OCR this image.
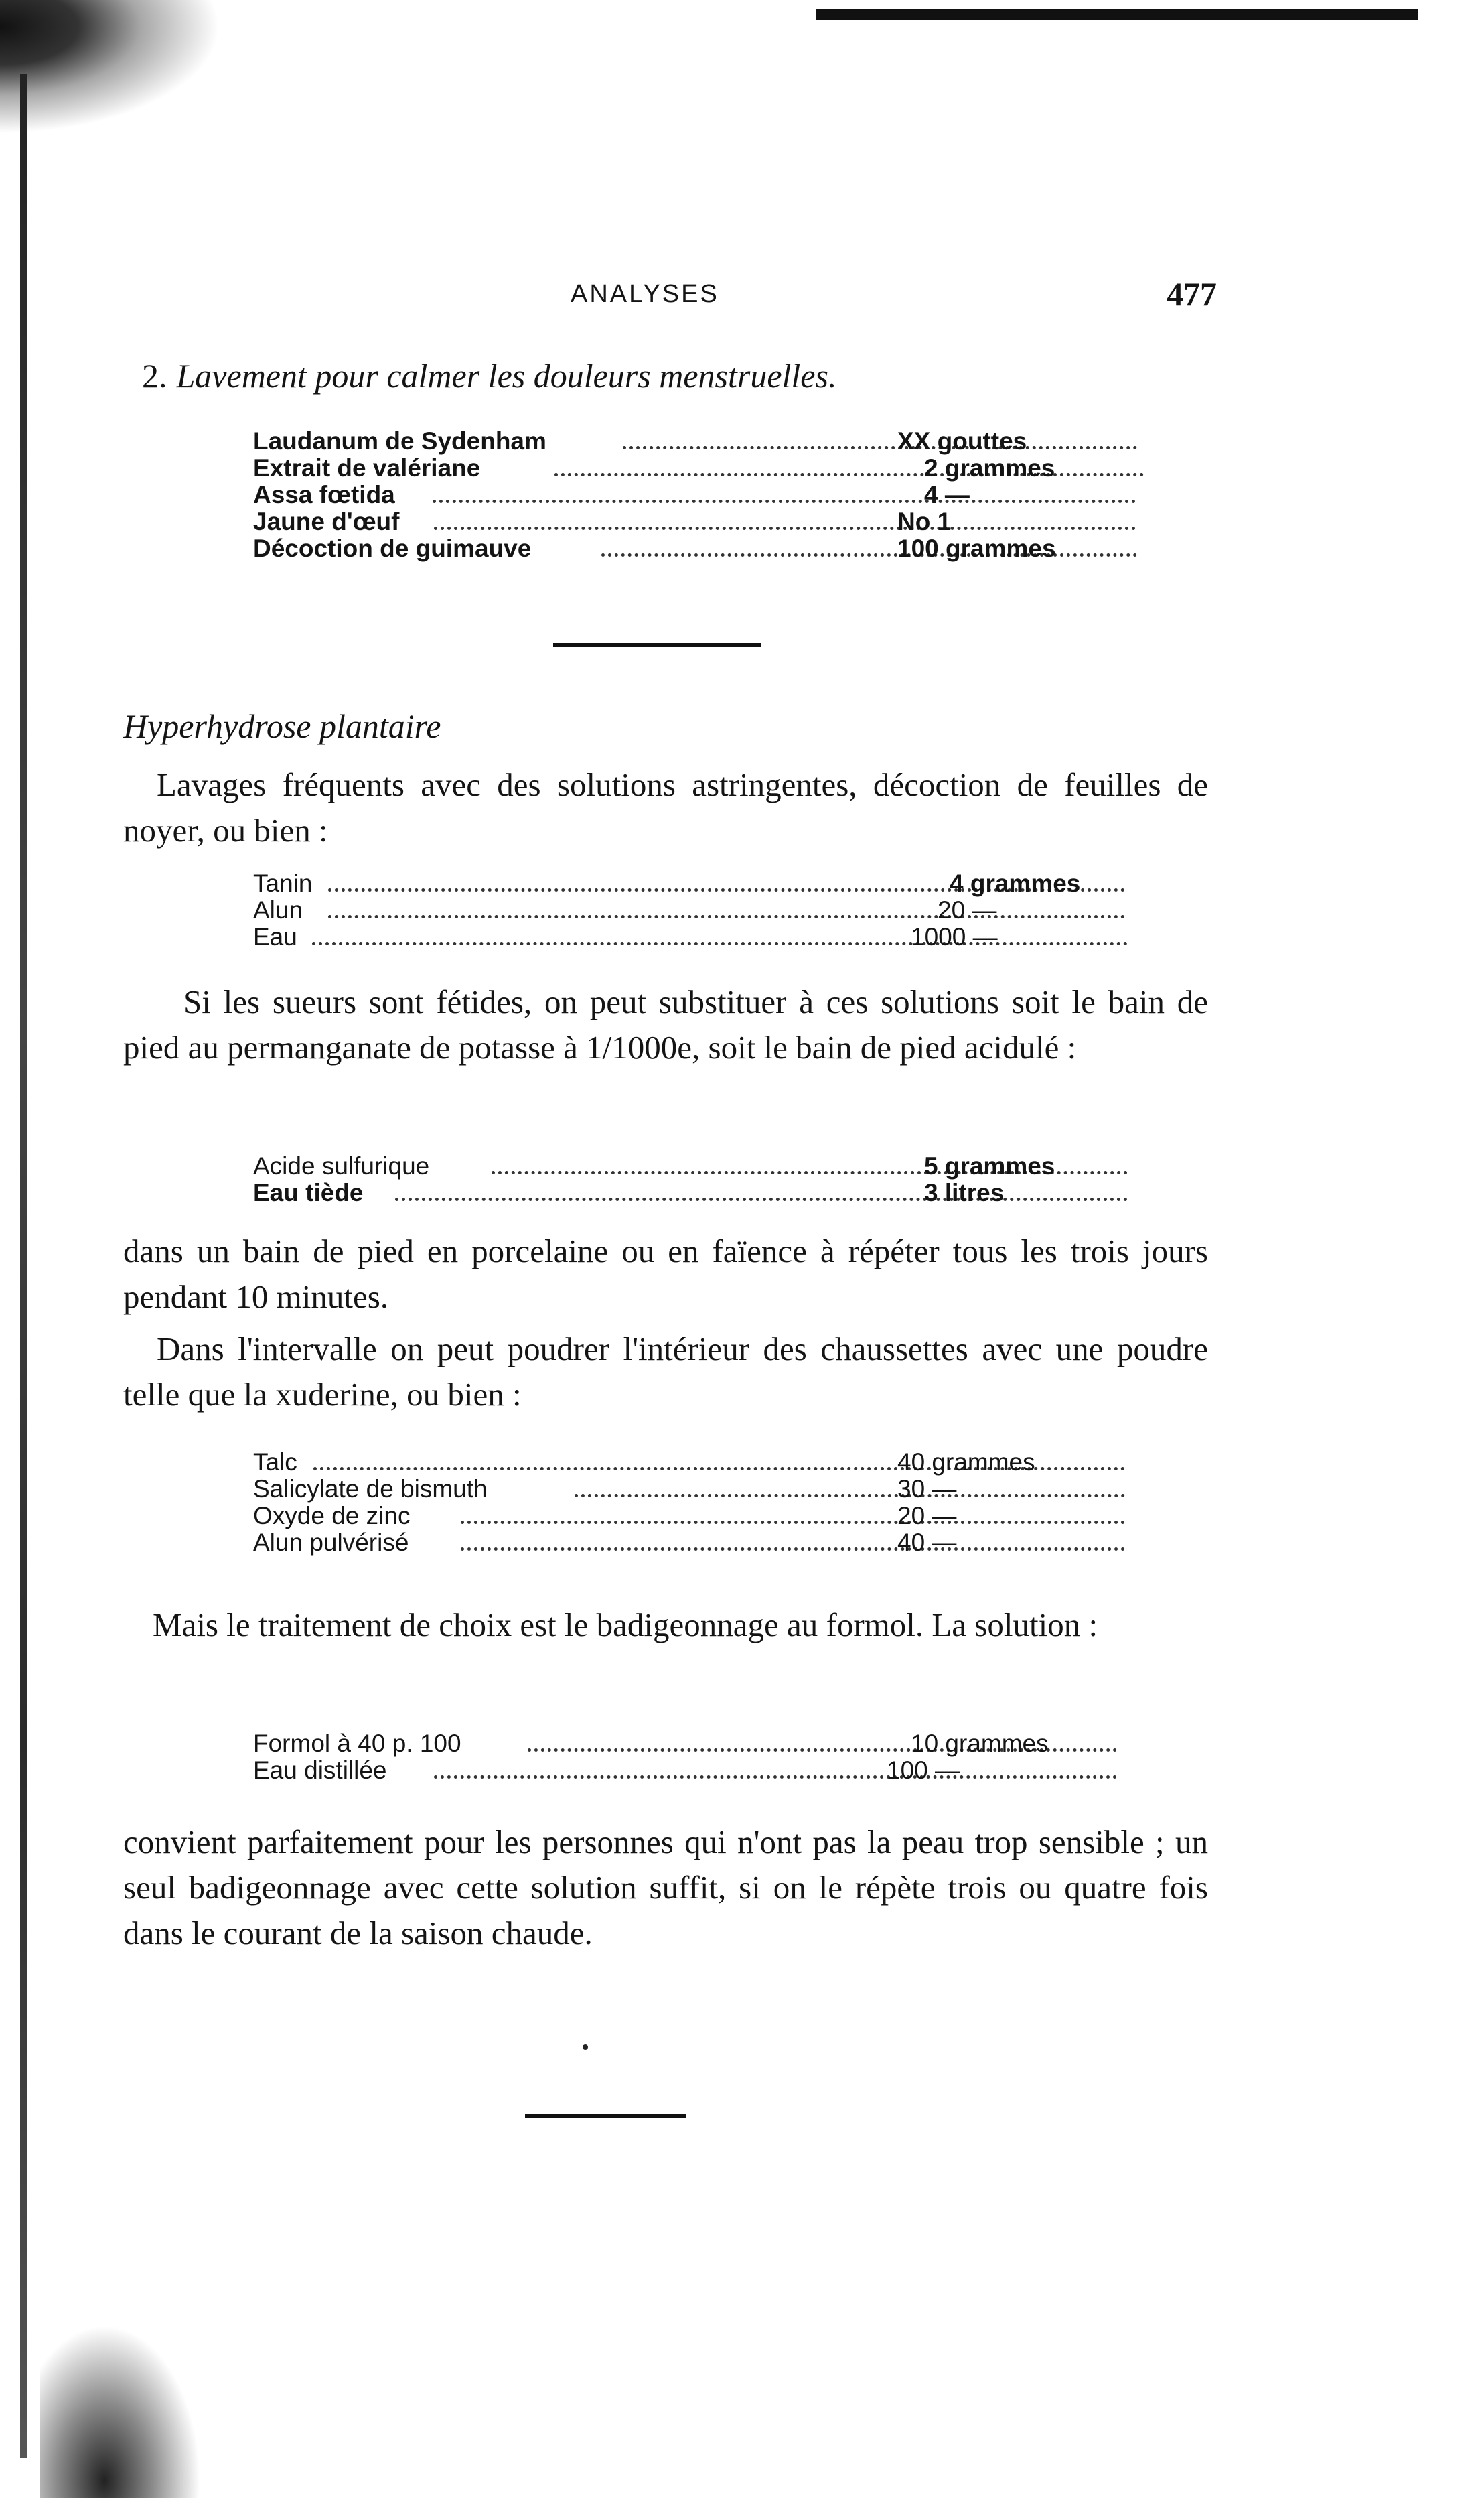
ANALYSES	477
2. Lavement pour calmer les douleurs menstruelles.
Laudanum de Sydenham	XX gouttes
Extrait de valériane	2 grammes
Assa fœtida	4 —
Jaune d'œuf	No 1
Décoction de guimauve	100 grammes
Hyperhydrose plantaire
Lavages fréquents avec des solutions astringentes, décoction de feuilles de noyer, ou bien :
Tanin	4 grammes
Alun	20 —
Eau	1000 —
Si les sueurs sont fétides, on peut substituer à ces solutions soit le bain de pied au permanganate de potasse à 1/1000e, soit le bain de pied acidulé :
Acide sulfurique	5 grammes
Eau tiède	3 litres
dans un bain de pied en porcelaine ou en faïence à répéter tous les trois jours pendant 10 minutes.
Dans l'intervalle on peut poudrer l'intérieur des chaussettes avec une poudre telle que la xuderine, ou bien :
Talc	40 grammes
Salicylate de bismuth	30 —
Oxyde de zinc	20 —
Alun pulvérisé	40 —
Mais le traitement de choix est le badigeonnage au formol. La solution :
Formol à 40 p. 100	10 grammes
Eau distillée	100 —
convient parfaitement pour les personnes qui n'ont pas la peau trop sensible ; un seul badigeonnage avec cette solution suffit, si on le répète trois ou quatre fois dans le courant de la saison chaude.
